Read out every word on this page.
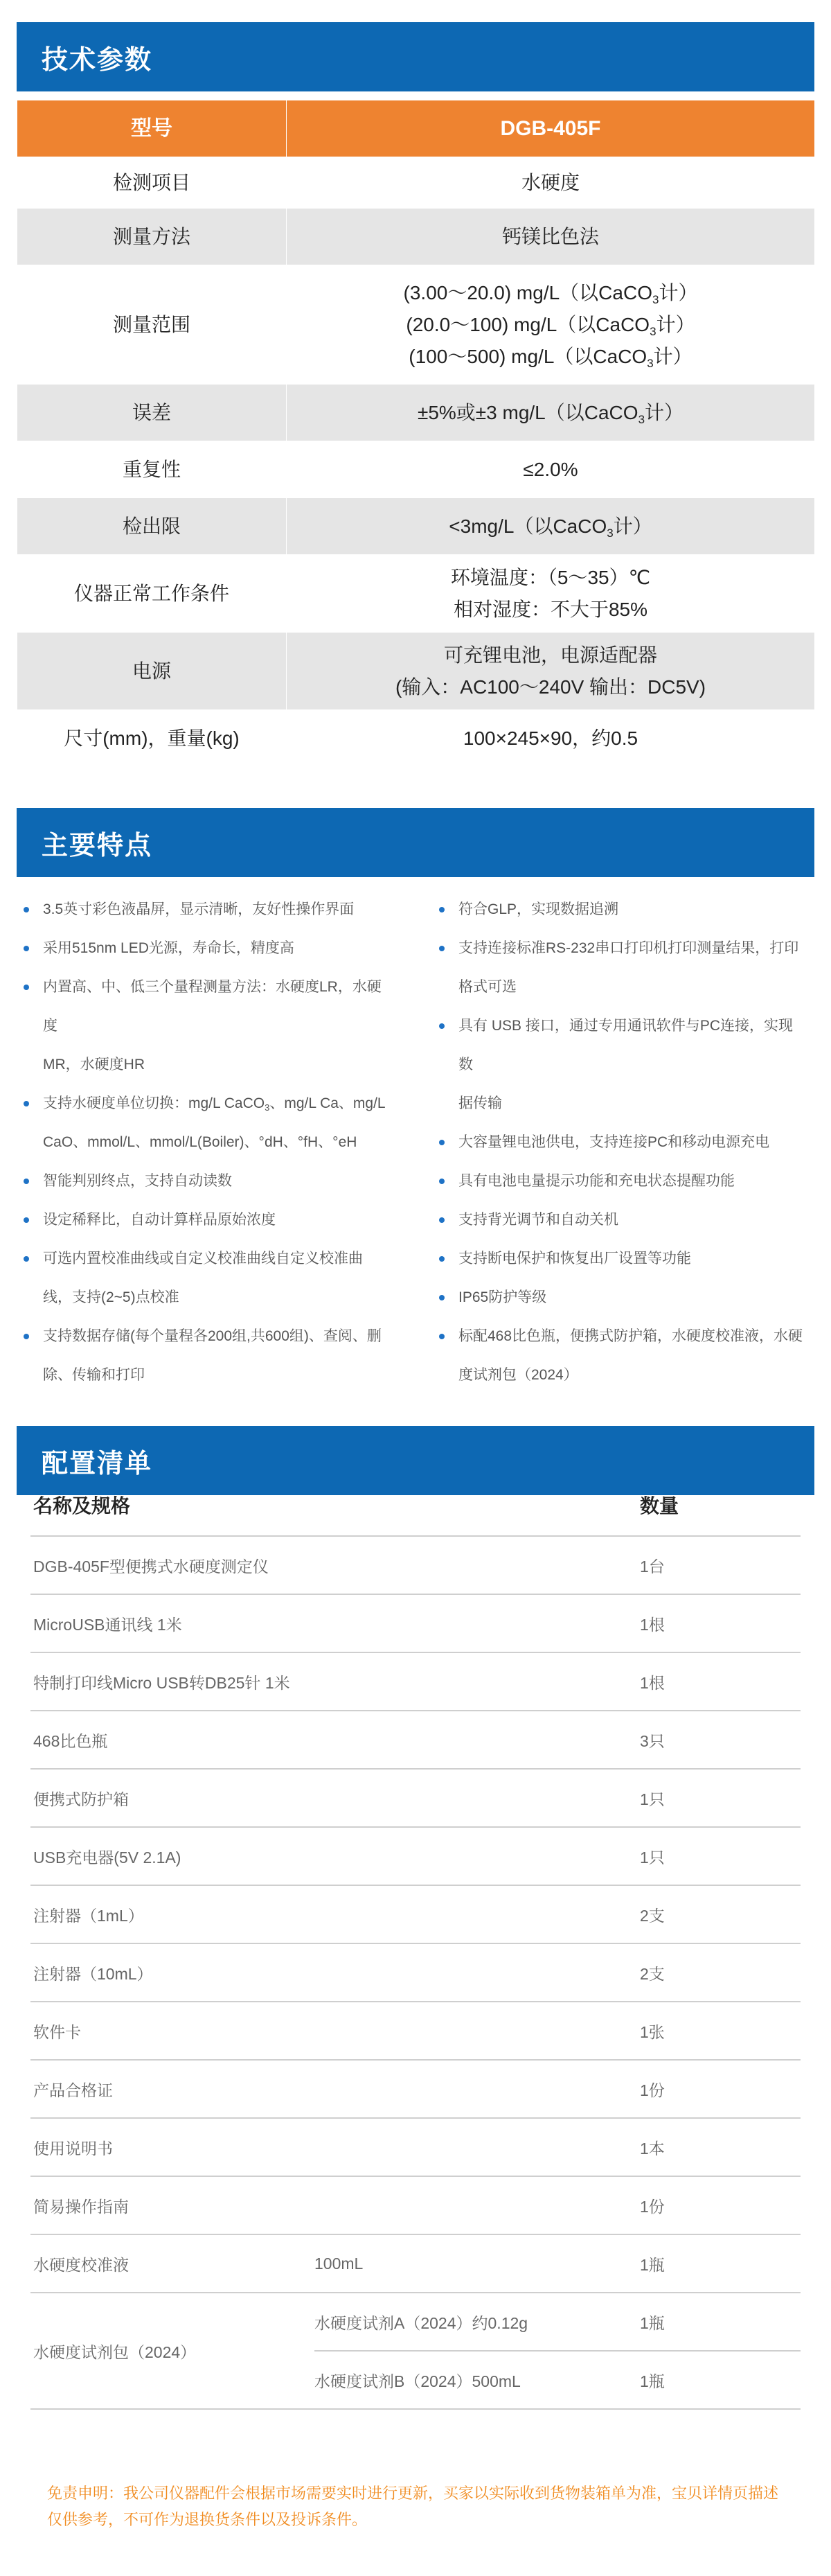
技术参数
型号	DGB-405F
检测项目	水硬度

测量方法	钙镁比色法

测量范围	(3.00～20.0) mg/L（以CaCO$_3$计）
(20.0～100) mg/L（以CaCO$_3$计）
(100～500) mg/L（以CaCO$_3$计）

误差	±5%或±3 mg/L（以CaCO$_3$计）

重复性	≤2.0%

检出限	<3mg/L（以CaCO$_3$计）

仪器正常工作条件	环境温度：（5～35）℃
相对湿度：不大于85%

电源	可充锂电池，电源适配器
(输入：AC100～240V 输出：DC5V)

尺寸(mm)，重量(kg)	100×245×90，约0.5
主要特点
3.5英寸彩色液晶屏，显示清晰，友好性操作界面
采用515nm LED光源，寿命长，精度高
内置高、中、低三个量程测量方法：水硬度LR，水硬度
MR，水硬度HR
支持水硬度单位切换：mg/L CaCO$_3$、mg/L Ca、mg/L
CaO、mmol/L、mmol/L(Boiler)、°dH、°fH、°eH
智能判别终点，支持自动读数
设定稀释比，自动计算样品原始浓度
可选内置校准曲线或自定义校准曲线自定义校准曲
线，支持(2~5)点校准
支持数据存储(每个量程各200组,共600组)、查阅、删
除、传输和打印
符合GLP，实现数据追溯
支持连接标准RS-232串口打印机打印测量结果，打印
格式可选
具有 USB 接口，通过专用通讯软件与PC连接，实现数
据传输
大容量锂电池供电，支持连接PC和移动电源充电
具有电池电量提示功能和充电状态提醒功能
支持背光调节和自动关机
支持断电保护和恢复出厂设置等功能
IP65防护等级
标配468比色瓶，便携式防护箱，水硬度校准液，水硬
度试剂包（2024）
配置清单
名称及规格	数量
DGB-405F型便携式水硬度测定仪	1台
MicroUSB通讯线 1米	1根
特制打印线Micro USB转DB25针 1米	1根
468比色瓶	3只
便携式防护箱	1只
USB充电器(5V 2.1A)	1只
注射器（1mL）	2支
注射器（10mL）	2支
软件卡	1张
产品合格证	1份
使用说明书	1本
简易操作指南	1份
水硬度校准液	100mL	1瓶
水硬度试剂包（2024）
水硬度试剂A（2024）约0.12g	1瓶
水硬度试剂B（2024）500mL	1瓶
免责申明：我公司仪器配件会根据市场需要实时进行更新，买家以实际收到货物装箱单为准，宝贝详情页描述仅供参考，不可作为退换货条件以及投诉条件。
